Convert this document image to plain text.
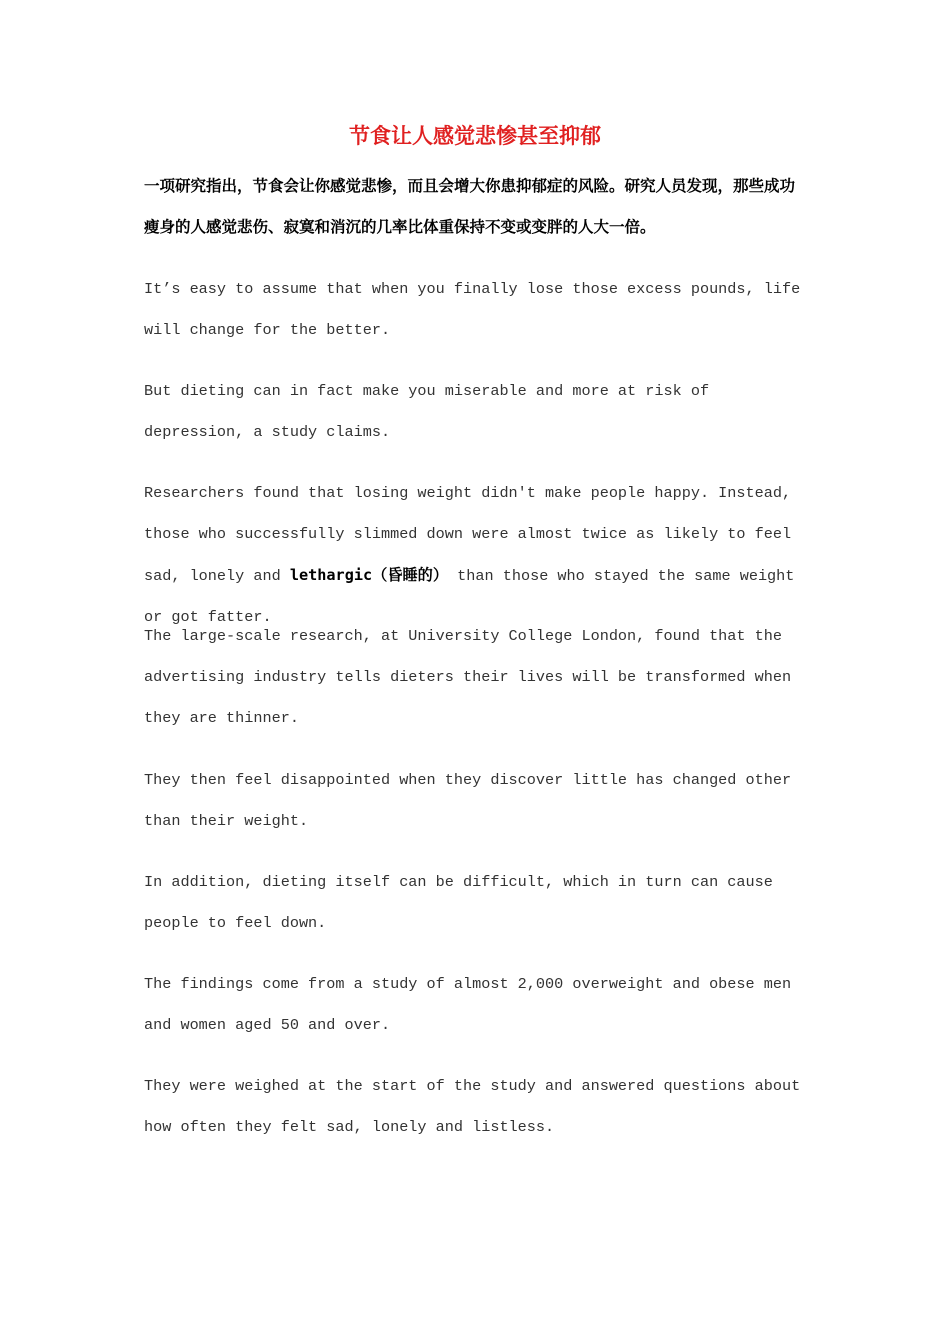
节食让人感觉悲惨甚至抑郁

一项研究指出，节食会让你感觉悲惨，而且会增大你患抑郁症的风险。研究人员发现，那些成功瘦身的人感觉悲伤、寂寞和消沉的几率比体重保持不变或变胖的人大一倍。

It’s easy to assume that when you finally lose those excess pounds, life will change for the better.

But dieting can in fact make you miserable and more at risk of depression, a study claims.

Researchers found that losing weight didn't make people happy. Instead, those who successfully slimmed down were almost twice as likely to feel sad, lonely and lethargic（昏睡的） than those who stayed the same weight or got fatter.

The large-scale research, at University College London, found that the advertising industry tells dieters their lives will be transformed when they are thinner.

They then feel disappointed when they discover little has changed other than their weight.

In addition, dieting itself can be difficult, which in turn can cause people to feel down.

The findings come from a study of almost 2,000 overweight and obese men and women aged 50 and over.

They were weighed at the start of the study and answered questions about how often they felt sad, lonely and listless.
